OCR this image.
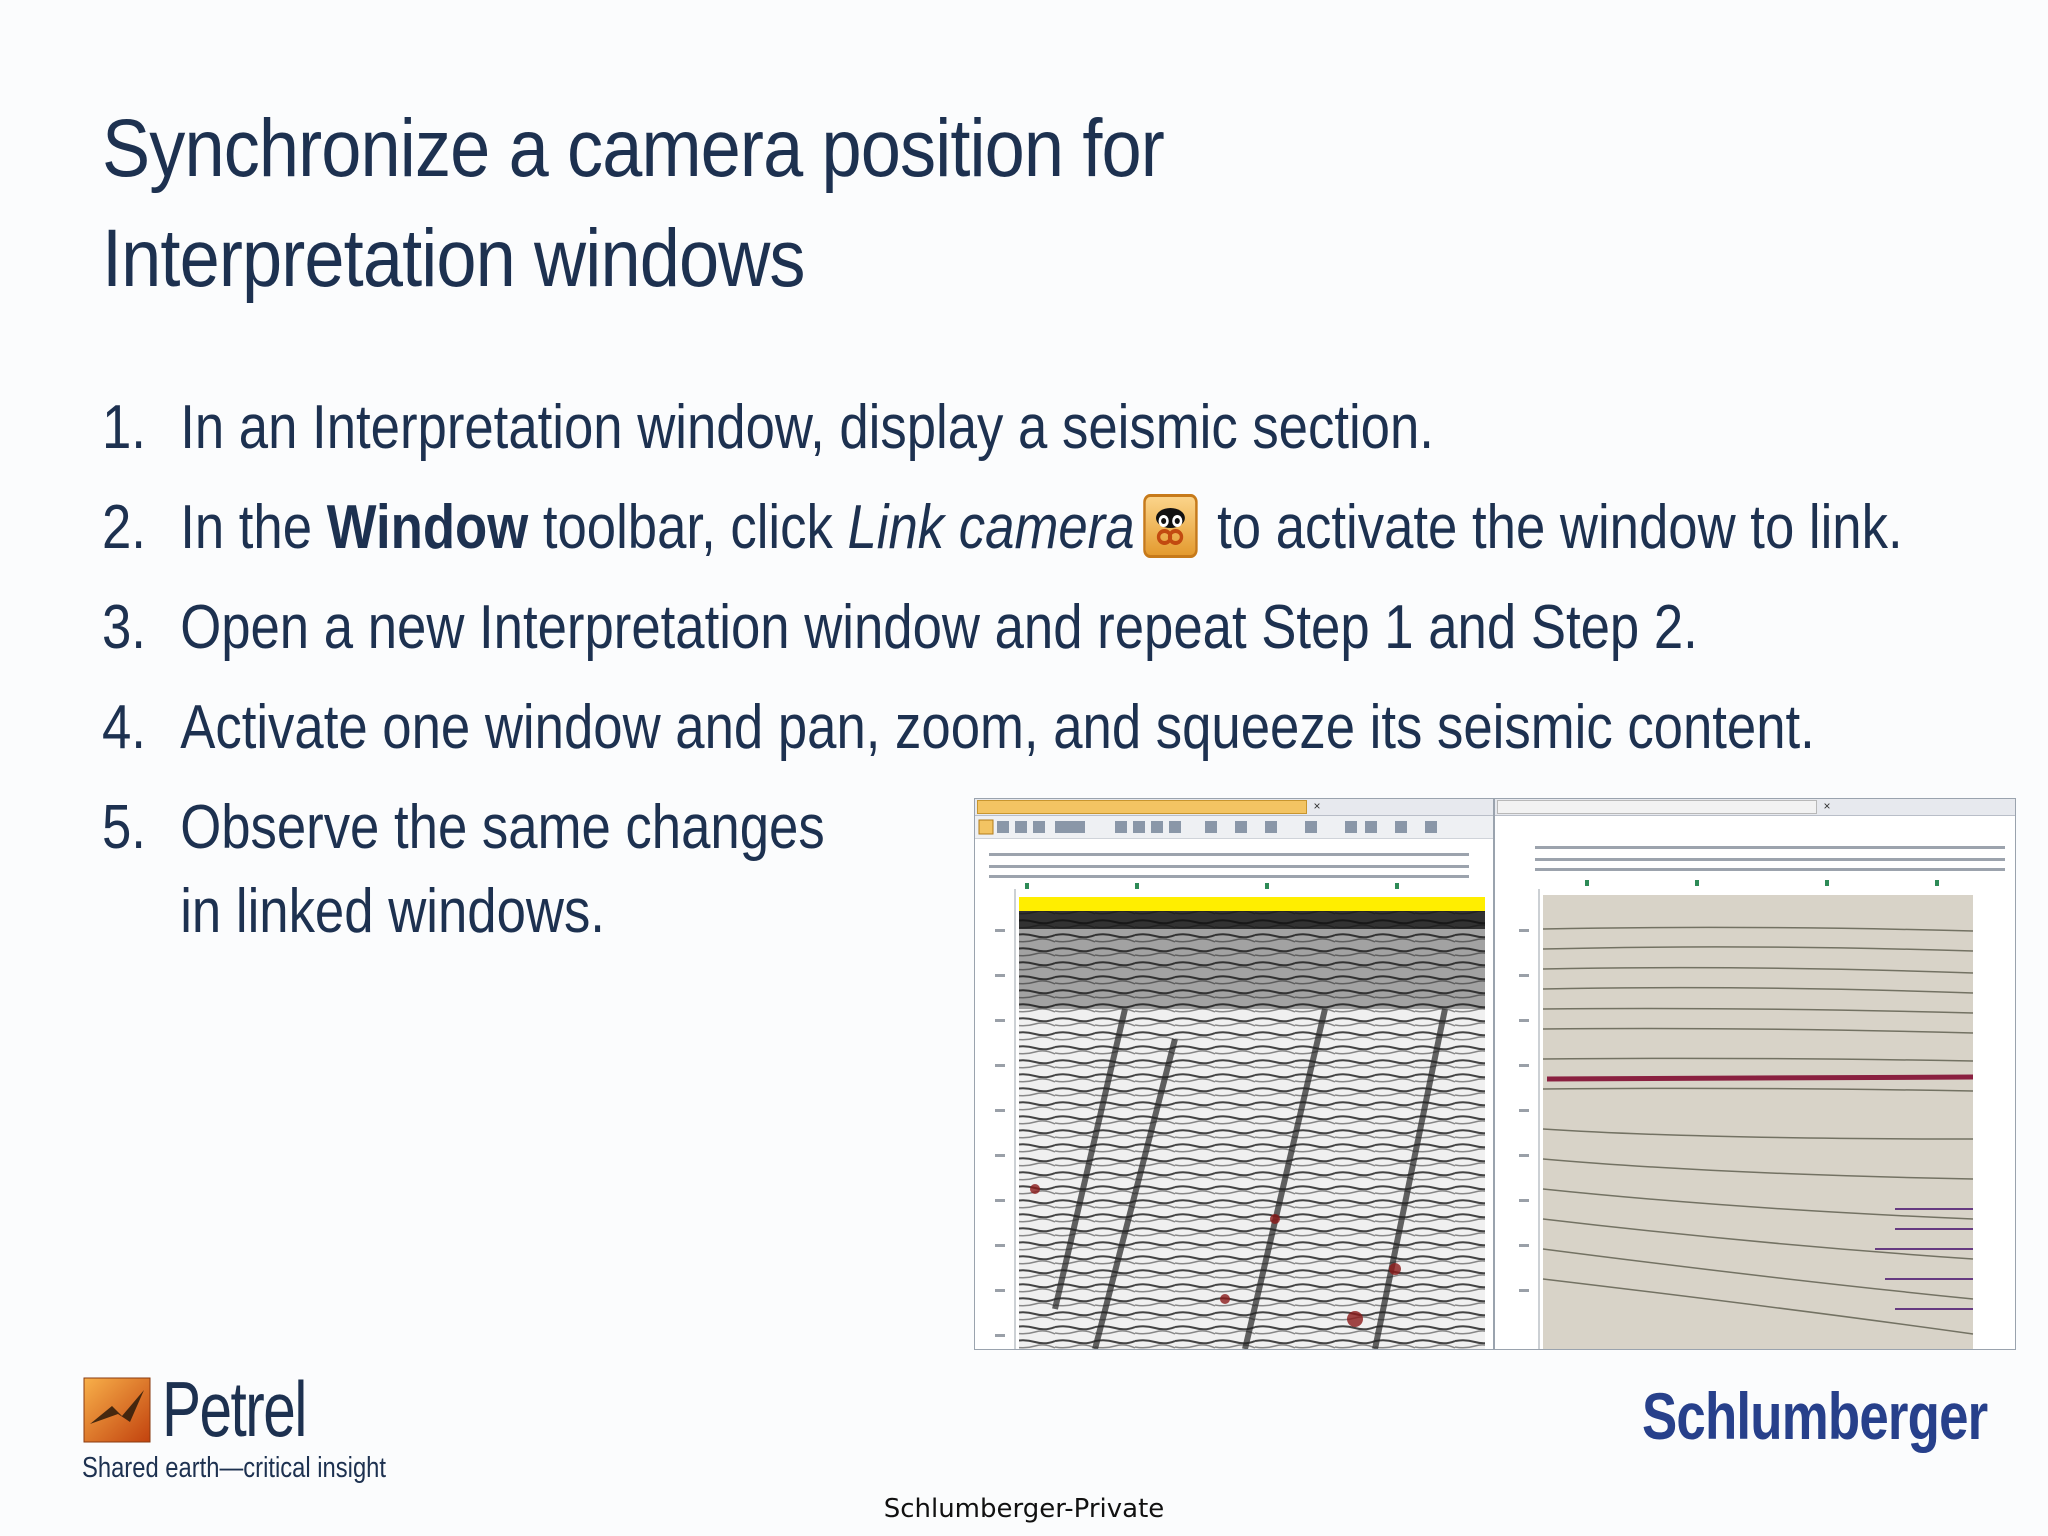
Synchronize a camera position for
Interpretation windows
1. In an Interpretation window, display a seismic section.
2. In the Window toolbar, click Link camera
to activate the window to link.
3. Open a new Interpretation window and repeat Step 1 and Step 2.
4. Activate one window and pan, zoom, and squeeze its seismic content.
5. Observe the same changes
in linked windows.
×	×
Petrel
Shared earth—critical insight
Schlumberger
Schlumberger-Private
